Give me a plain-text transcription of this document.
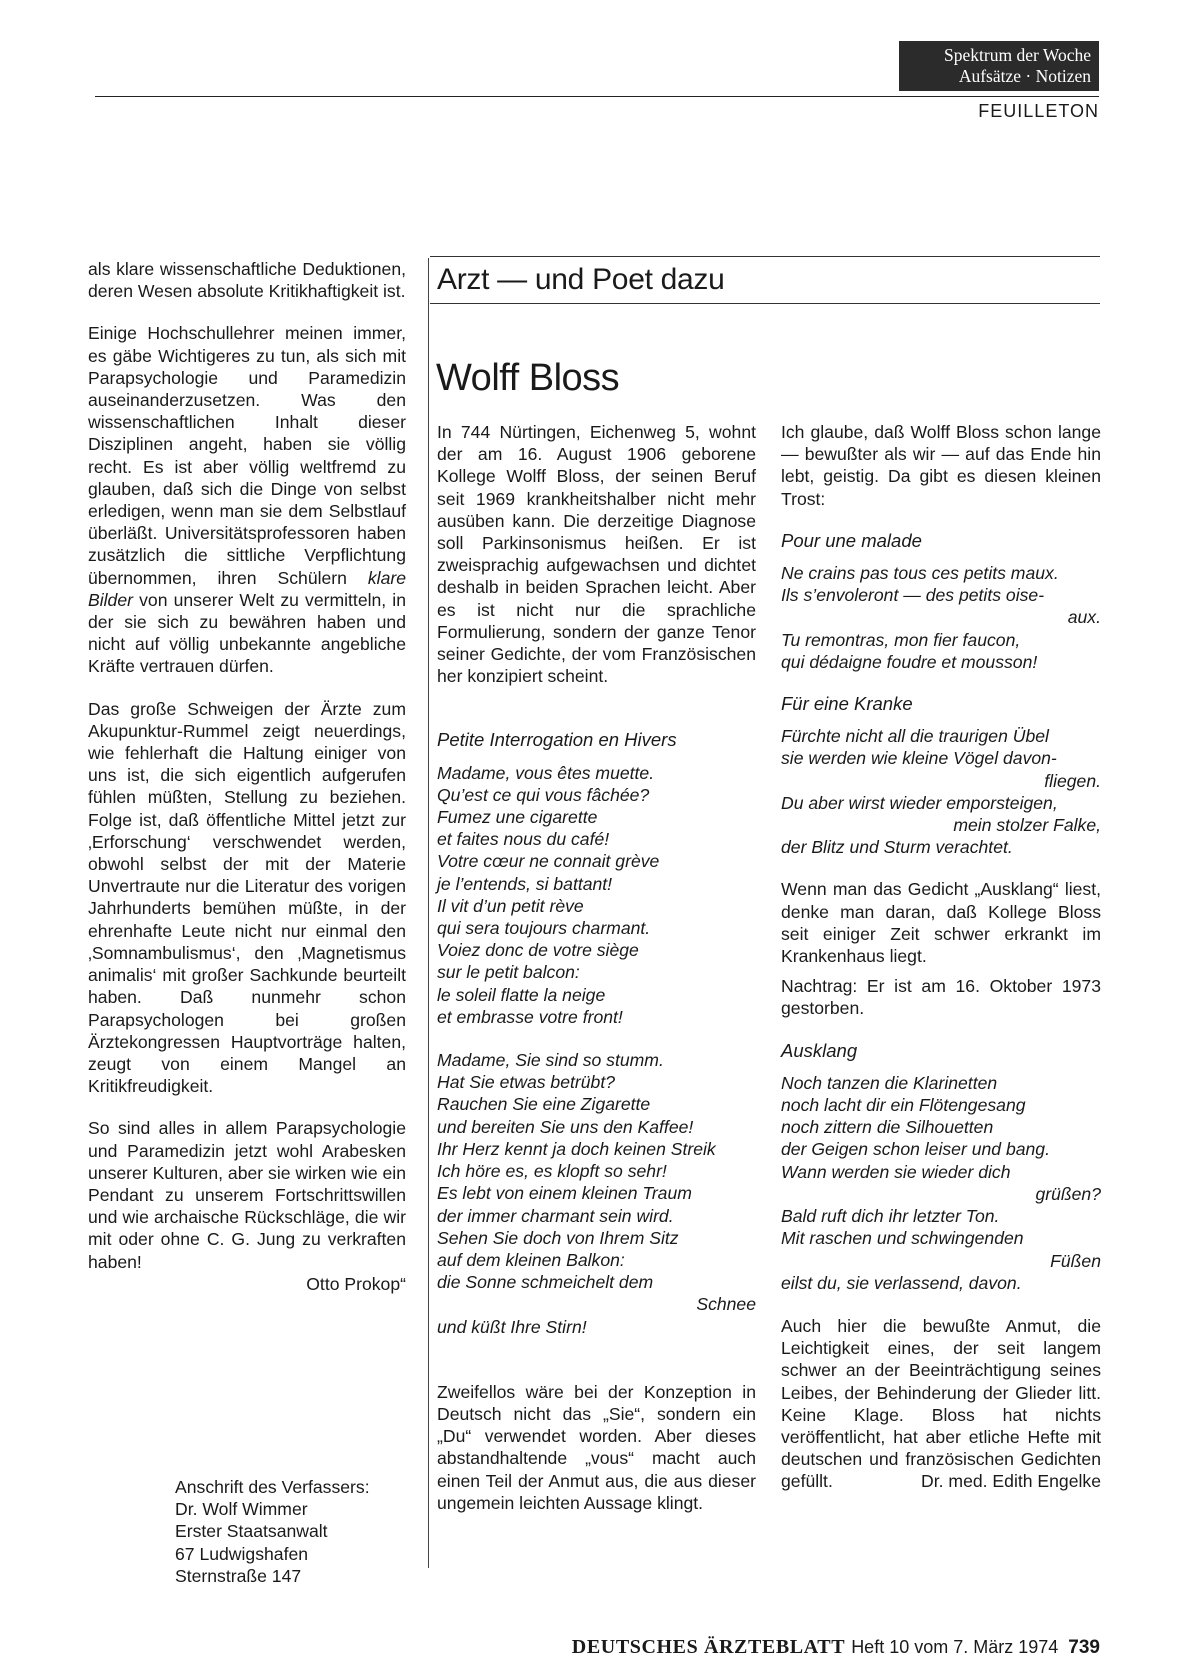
Spektrum der Woche
Aufsätze · Notizen
FEUILLETON

als klare wissenschaftliche Deduktionen, deren Wesen absolute Kritikhaftigkeit ist.

Einige Hochschullehrer meinen immer, es gäbe Wichtigeres zu tun, als sich mit Parapsychologie und Paramedizin auseinanderzusetzen. Was den wissenschaftlichen Inhalt dieser Disziplinen angeht, haben sie völlig recht. Es ist aber völlig weltfremd zu glauben, daß sich die Dinge von selbst erledigen, wenn man sie dem Selbstlauf überläßt. Universitätsprofessoren haben zusätzlich die sittliche Verpflichtung übernommen, ihren Schülern klare Bilder von unserer Welt zu vermitteln, in der sie sich zu bewähren haben und nicht auf völlig unbekannte angebliche Kräfte vertrauen dürfen.

Das große Schweigen der Ärzte zum Akupunktur-Rummel zeigt neuerdings, wie fehlerhaft die Haltung einiger von uns ist, die sich eigentlich aufgerufen fühlen müßten, Stellung zu beziehen. Folge ist, daß öffentliche Mittel jetzt zur ‚Erforschung‘ verschwendet werden, obwohl selbst der mit der Materie Unvertraute nur die Literatur des vorigen Jahrhunderts bemühen müßte, in der ehrenhafte Leute nicht nur einmal den ‚Somnambulismus‘, den ‚Magnetismus animalis‘ mit großer Sachkunde beurteilt haben. Daß nunmehr schon Parapsychologen bei großen Ärztekongressen Hauptvorträge halten, zeugt von einem Mangel an Kritikfreudigkeit.

So sind alles in allem Parapsychologie und Paramedizin jetzt wohl Arabesken unserer Kulturen, aber sie wirken wie ein Pendant zu unserem Fortschrittswillen und wie archaische Rückschläge, die wir mit oder ohne C. G. Jung zu verkraften haben!
Otto Prokop“

Anschrift des Verfassers:
Dr. Wolf Wimmer
Erster Staatsanwalt
67 Ludwigshafen
Sternstraße 147
Arzt — und Poet dazu
Wolff Bloss

In 744 Nürtingen, Eichenweg 5, wohnt der am 16. August 1906 geborene Kollege Wolff Bloss, der seinen Beruf seit 1969 krankheitshalber nicht mehr ausüben kann. Die derzeitige Diagnose soll Parkinsonismus heißen. Er ist zweisprachig aufgewachsen und dichtet deshalb in beiden Sprachen leicht. Aber es ist nicht nur die sprachliche Formulierung, sondern der ganze Tenor seiner Gedichte, der vom Französischen her konzipiert scheint.

Petite Interrogation en Hivers

Madame, vous êtes muette.
Qu’est ce qui vous fâchée?
Fumez une cigarette
et faites nous du café!
Votre cœur ne connait grève
je l’entends, si battant!
Il vit d’un petit rève
qui sera toujours charmant.
Voiez donc de votre siège
sur le petit balcon:
le soleil flatte la neige
et embrasse votre front!
Madame, Sie sind so stumm.
Hat Sie etwas betrübt?
Rauchen Sie eine Zigarette
und bereiten Sie uns den Kaffee!
Ihr Herz kennt ja doch keinen Streik
Ich höre es, es klopft so sehr!
Es lebt von einem kleinen Traum
der immer charmant sein wird.
Sehen Sie doch von Ihrem Sitz
auf dem kleinen Balkon:
die Sonne schmeichelt dem
Schnee
und küßt Ihre Stirn!

Zweifellos wäre bei der Konzeption in Deutsch nicht das „Sie“, sondern ein „Du“ verwendet worden. Aber dieses abstandhaltende „vous“ macht auch einen Teil der Anmut aus, die aus dieser ungemein leichten Aussage klingt.

Ich glaube, daß Wolff Bloss schon lange — bewußter als wir — auf das Ende hin lebt, geistig. Da gibt es diesen kleinen Trost:

Pour une malade

Ne crains pas tous ces petits maux.
Ils s’envoleront — des petits oise-
aux.
Tu remontras, mon fier faucon,
qui dédaigne foudre et mousson!

Für eine Kranke

Fürchte nicht all die traurigen Übel
sie werden wie kleine Vögel davon-
fliegen.
Du aber wirst wieder emporsteigen,
mein stolzer Falke,
der Blitz und Sturm verachtet.

Wenn man das Gedicht „Ausklang“ liest, denke man daran, daß Kollege Bloss seit einiger Zeit schwer erkrankt im Krankenhaus liegt.

Nachtrag: Er ist am 16. Oktober 1973 gestorben.

Ausklang

Noch tanzen die Klarinetten
noch lacht dir ein Flötengesang
noch zittern die Silhouetten
der Geigen schon leiser und bang.
Wann werden sie wieder dich
grüßen?
Bald ruft dich ihr letzter Ton.
Mit raschen und schwingenden
Füßen
eilst du, sie verlassend, davon.

Auch hier die bewußte Anmut, die Leichtigkeit eines, der seit langem schwer an der Beeinträchtigung seines Leibes, der Behinderung der Glieder litt. Keine Klage. Bloss hat nichts veröffentlicht, hat aber etliche Hefte mit deutschen und französischen Gedichten gefüllt.	Dr. med. Edith Engelke

DEUTSCHES ÄRZTEBLATT Heft 10 vom 7. März 1974 739
